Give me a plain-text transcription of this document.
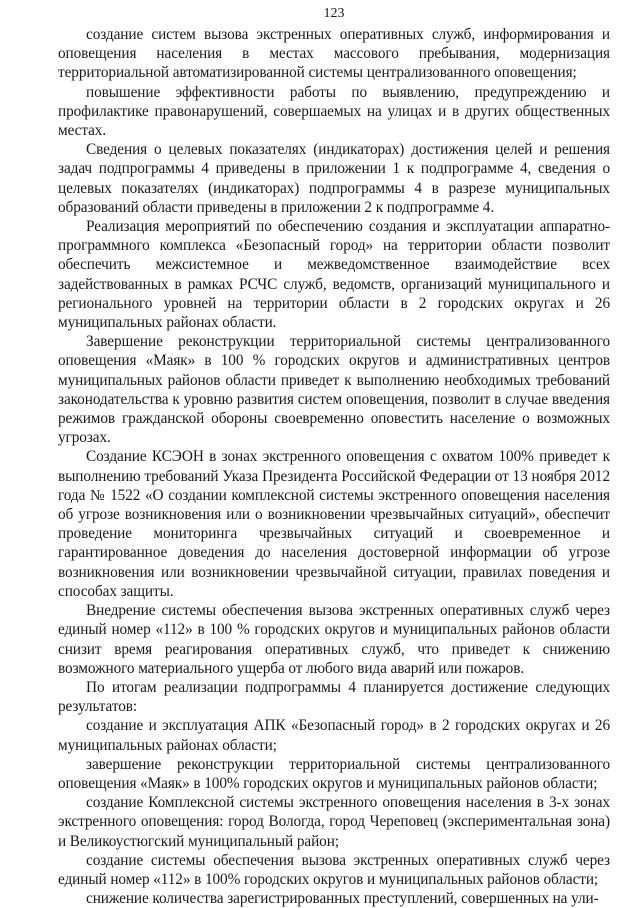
123

создание систем вызова экстренных оперативных служб, информирования и оповещения населения в местах массового пребывания, модернизация территориальной автоматизированной системы централизованного оповещения;

повышение эффективности работы по выявлению, предупреждению и профилактике правонарушений, совершаемых на улицах и в других общественных местах.

Сведения о целевых показателях (индикаторах) достижения целей и решения задач подпрограммы 4 приведены в приложении 1 к подпрограмме 4, сведения о целевых показателях (индикаторах) подпрограммы 4 в разрезе муниципальных образований области приведены в приложении 2 к подпрограмме 4.

Реализация мероприятий по обеспечению создания и эксплуатации аппаратно-программного комплекса «Безопасный город» на территории области позволит обеспечить межсистемное и межведомственное взаимодействие всех задействованных в рамках РСЧС служб, ведомств, организаций муниципального и регионального уровней на территории области в 2 городских округах и 26 муниципальных районах области.

Завершение реконструкции территориальной системы централизованного оповещения «Маяк» в 100 % городских округов и административных центров муниципальных районов области приведет к выполнению необходимых требований законодательства к уровню развития систем оповещения, позволит в случае введения режимов гражданской обороны своевременно оповестить население о возможных угрозах.

Создание КСЭОН в зонах экстренного оповещения с охватом 100% приведет к выполнению требований Указа Президента Российской Федерации от 13 ноября 2012 года № 1522 «О создании комплексной системы экстренного оповещения населения об угрозе возникновения или о возникновении чрезвычайных ситуаций», обеспечит проведение мониторинга чрезвычайных ситуаций и своевременное и гарантированное доведения до населения достоверной информации об угрозе возникновения или возникновении чрезвычайной ситуации, правилах поведения и способах защиты.

Внедрение системы обеспечения вызова экстренных оперативных служб через единый номер «112» в 100 % городских округов и муниципальных районов области снизит время реагирования оперативных служб, что приведет к снижению возможного материального ущерба от любого вида аварий или пожаров.

По итогам реализации подпрограммы 4 планируется достижение следующих результатов:

создание и эксплуатация АПК «Безопасный город» в 2 городских округах и 26 муниципальных районах области;

завершение реконструкции территориальной системы централизованного оповещения «Маяк» в 100% городских округов и муниципальных районов области;

создание Комплексной системы экстренного оповещения населения в 3-х зонах экстренного оповещения: город Вологда, город Череповец (экспериментальная зона) и Великоустюгский муниципальный район;

создание системы обеспечения вызова экстренных оперативных служб через единый номер «112» в 100% городских округов и муниципальных районов области;

снижение количества зарегистрированных преступлений, совершенных на ули-
